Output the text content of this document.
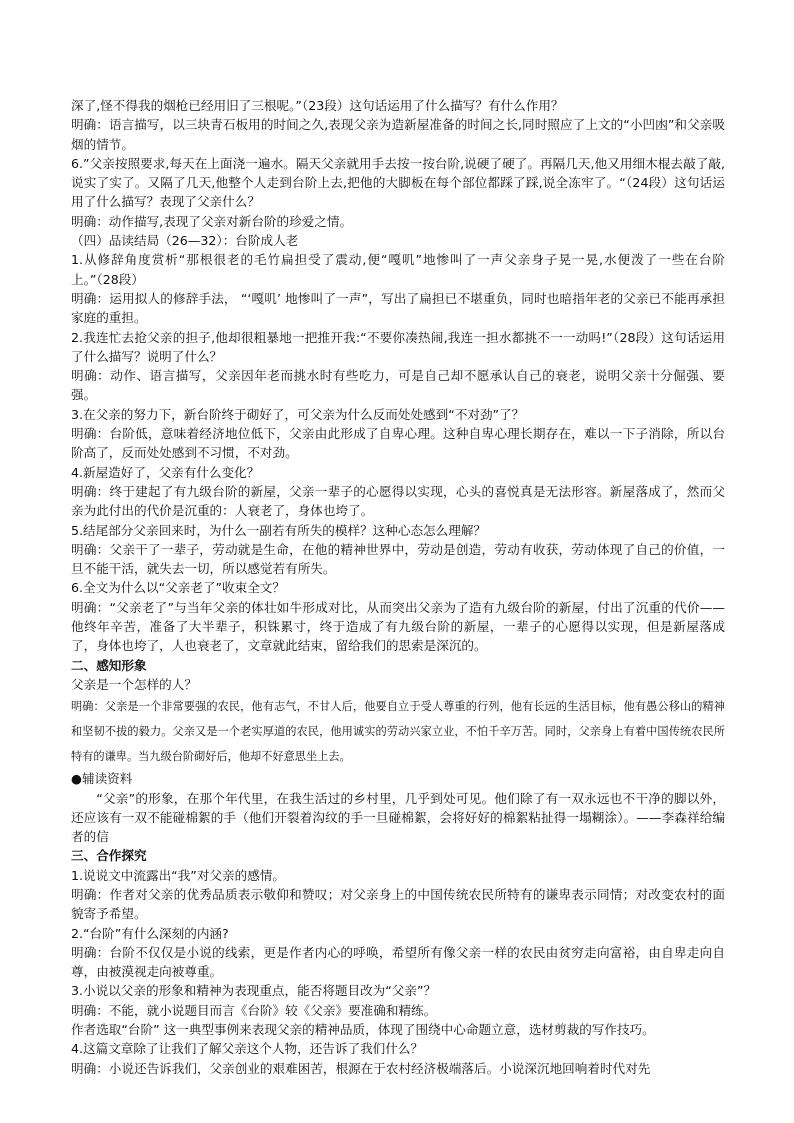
深了,怪不得我的烟枪已经用旧了三根呢。”（23段）这句话运用了什么描写？有什么作用？

明确：语言描写，以三块青石板用的时间之久,表现父亲为造新屋准备的时间之长,同时照应了上文的“小凹凼”和父亲吸烟的情节。

6.”父亲按照要求,每天在上面浇一遍水。隔天父亲就用手去按一按台阶,说硬了硬了。再隔几天,他又用细木棍去敲了敲,说实了实了。又隔了几天,他整个人走到台阶上去,把他的大脚板在每个部位都踩了踩,说全冻牢了。“（24段）这句话运用了什么描写？表现了父亲什么？

明确：动作描写,表现了父亲对新台阶的珍爱之情。

（四）品读结局（26—32）：台阶成人老

1.从修辞角度赏析“那根很老的毛竹扁担受了震动,便“嘎叽”地惨叫了一声父亲身子晃一晃,水便泼了一些在台阶上。”（28段）

明确：运用拟人的修辞手法， “‘嘎叽’ 地惨叫了一声”，写出了扁担已不堪重负，同时也暗指年老的父亲已不能再承担家庭的重担。

2.我连忙去抢父亲的担子,他却很粗暴地一把推开我:“不要你凑热闹,我连一担水都挑不一一动吗!”（28段）这句话运用了什么描写？说明了什么？

明确：动作、语言描写，父亲因年老而挑水时有些吃力，可是自己却不愿承认自己的衰老，说明父亲十分倔强、要强。

3.在父亲的努力下，新台阶终于砌好了，可父亲为什么反而处处感到“不对劲”了？

明确：台阶低，意味着经济地位低下，父亲由此形成了自卑心理。这种自卑心理长期存在，难以一下子消除，所以台阶高了，反而处处感到不习惯，不对劲。

4.新屋造好了，父亲有什么变化？

明确：终于建起了有九级台阶的新屋，父亲一辈子的心愿得以实现，心头的喜悦真是无法形容。新屋落成了，然而父亲为此付出的代价是沉重的：人衰老了，身体也垮了。

5.结尾部分父亲回来时，为什么一副若有所失的模样？这种心态怎么理解？

明确：父亲干了一辈子，劳动就是生命，在他的精神世界中，劳动是创造，劳动有收获，劳动体现了自己的价值，一旦不能干活，就失去一切，所以感觉若有所失。

6.全文为什么以“父亲老了”收束全文？

明确：“父亲老了”与当年父亲的体壮如牛形成对比，从而突出父亲为了造有九级台阶的新屋，付出了沉重的代价——他终年辛苦，准备了大半辈子，积铢累寸，终于造成了有九级台阶的新屋，一辈子的心愿得以实现，但是新屋落成了，身体也垮了，人也衰老了，文章就此结束，留给我们的思索是深沉的。

二、感知形象

父亲是一个怎样的人？

明确：父亲是一个非常要强的农民，他有志气，不甘人后，他要自立于受人尊重的行列，他有长远的生活目标，他有愚公移山的精神和坚韧不拔的毅力。父亲又是一个老实厚道的农民，他用诚实的劳动兴家立业，不怕千辛万苦。同时，父亲身上有着中国传统农民所特有的谦卑。当九级台阶砌好后，他却不好意思坐上去。

●辅读资料

“父亲”的形象，在那个年代里，在我生活过的乡村里，几乎到处可见。他们除了有一双永远也不干净的脚以外，还应该有一双不能碰棉絮的手（他们开裂着沟纹的手一旦碰棉絮，会将好好的棉絮粘扯得一塌糊涂）。——李森祥给编者的信

三、合作探究

1.说说文中流露出“我”对父亲的感情。

明确：作者对父亲的优秀品质表示敬仰和赞叹；对父亲身上的中国传统农民所特有的谦卑表示同情；对改变农村的面貌寄予希望。

2.“台阶”有什么深刻的内涵?

明确：台阶不仅仅是小说的线索，更是作者内心的呼唤，希望所有像父亲一样的农民由贫穷走向富裕，由自卑走向自尊，由被漠视走向被尊重。

3.小说以父亲的形象和精神为表现重点，能否将题目改为“父亲”？

明确：不能，就小说题目而言《台阶》较《父亲》要准确和精练。

作者选取“台阶” 这一典型事例来表现父亲的精神品质，体现了围绕中心命题立意，选材剪裁的写作技巧。

4.这篇文章除了让我们了解父亲这个人物，还告诉了我们什么？

明确：小说还告诉我们，父亲创业的艰难困苦，根源在于农村经济极端落后。小说深沉地回响着时代对先
